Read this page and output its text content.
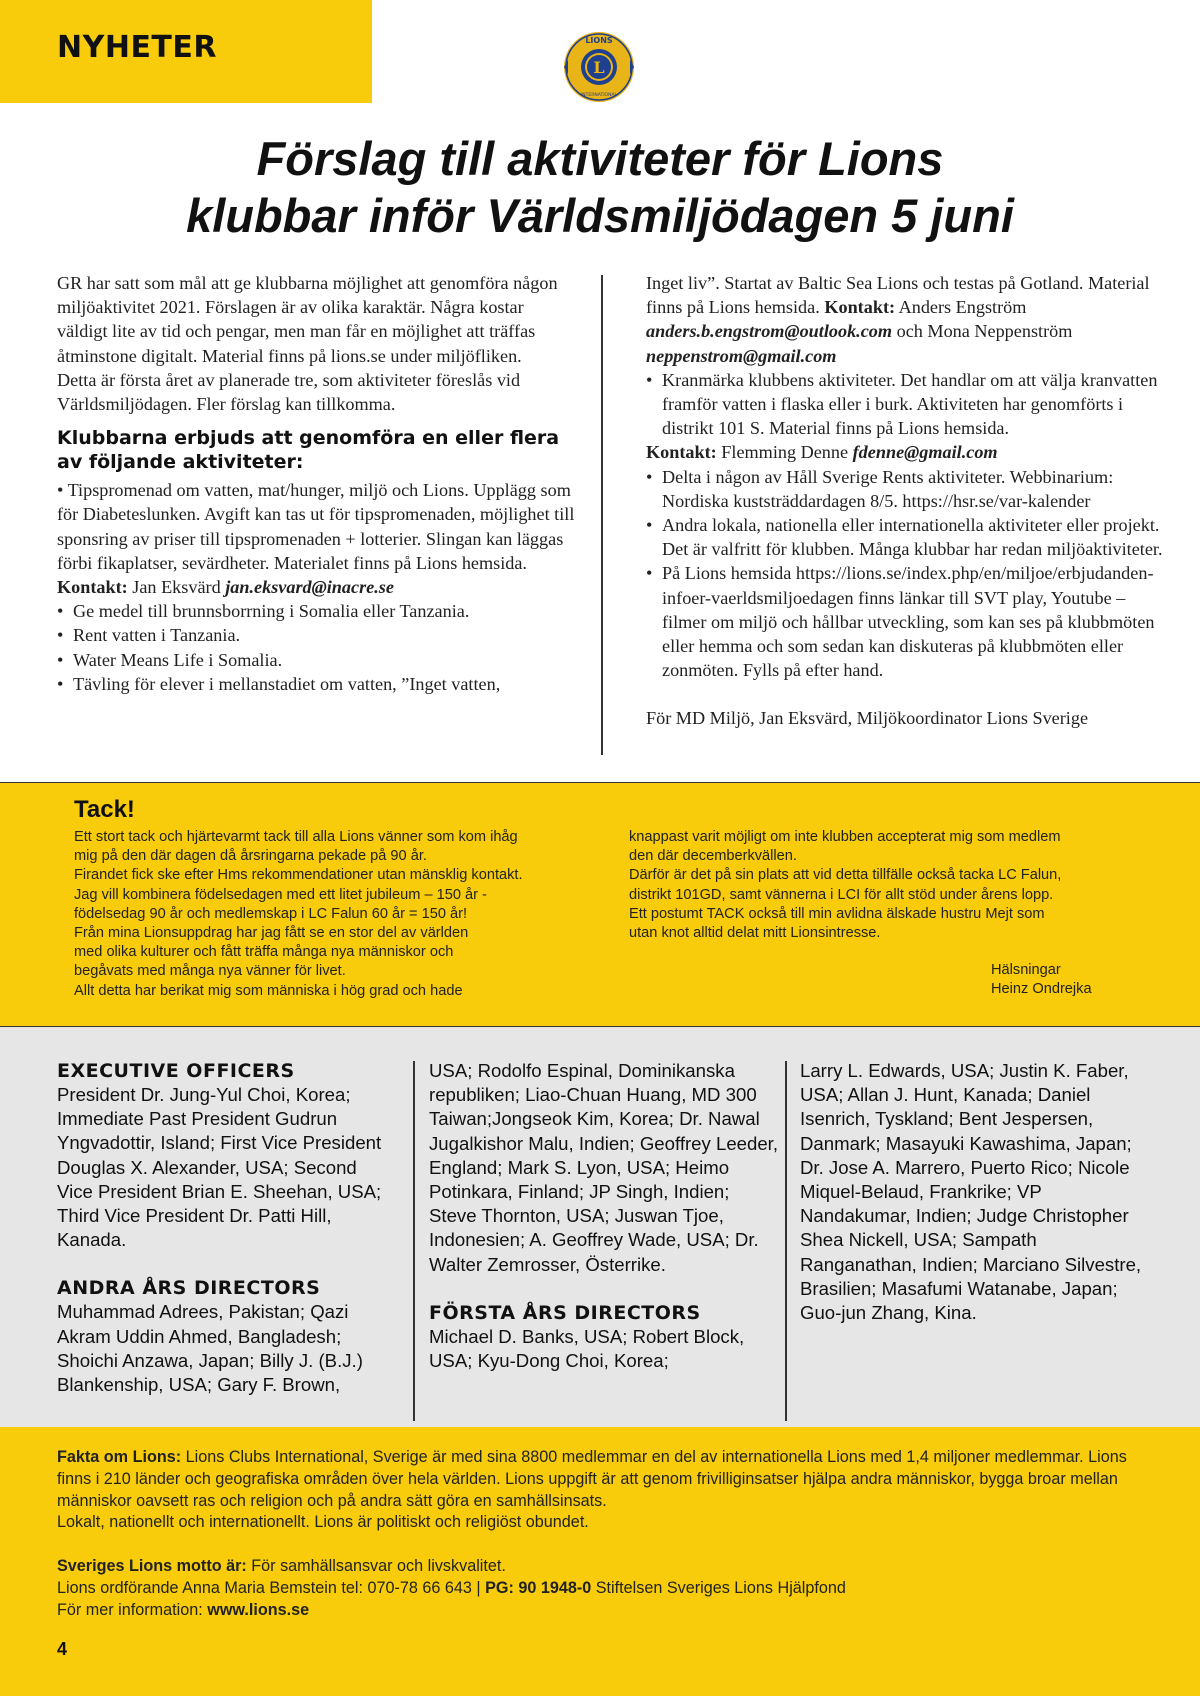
NYHETER
L
LIONS
INTERNATIONAL
Förslag till aktiviteter för Lions
klubbar inför Världsmiljödagen 5 juni

GR har satt som mål att ge klubbarna möjlighet att genomföra någon miljöaktivitet 2021. Förslagen är av olika karaktär. Några kostar väldigt lite av tid och pengar, men man får en möjlighet att träffas åtminstone digitalt. Material finns på lions.se under miljöfliken.

Detta är första året av planerade tre, som aktiviteter föreslås vid Världsmiljödagen. Fler förslag kan tillkomma.

Klubbarna erbjuds att genomföra en eller flera av följande aktiviteter:

• Tipspromenad om vatten, mat/hunger, miljö och Lions. Upplägg som för Diabeteslunken. Avgift kan tas ut för tipspromenaden, möjlighet till sponsring av priser till tipspromenaden + lotterier. Slingan kan läggas förbi fikaplatser, sevärdheter. Materialet finns på Lions hemsida.

Kontakt: Jan Eksvärd jan.eksvard@inacre.se

• Ge medel till brunnsborrning i Somalia eller Tanzania.
• Rent vatten i Tanzania.
• Water Means Life i Somalia.
• Tävling för elever i mellanstadiet om vatten, ”Inget vatten,

Inget liv”. Startat av Baltic Sea Lions och testas på Gotland. Material finns på Lions hemsida. Kontakt: Anders Engström anders.b.engstrom@outlook.com och Mona Neppenström neppenstrom@gmail.com

• Kranmärka klubbens aktiviteter. Det handlar om att välja kranvatten framför vatten i flaska eller i burk. Aktiviteten har genomförts i distrikt 101 S. Material finns på Lions hemsida.
Kontakt: Flemming Denne fdenne@gmail.com
• Delta i någon av Håll Sverige Rents aktiviteter. Webbinarium: Nordiska kuststräddardagen 8/5. https://hsr.se/var-kalender
• Andra lokala, nationella eller internationella aktiviteter eller projekt. Det är valfritt för klubben. Många klubbar har redan miljöaktiviteter.
• På Lions hemsida https://lions.se/index.php/en/miljoe/erbjudanden-infoer-vaerldsmiljoedagen finns länkar till SVT play, Youtube – filmer om miljö och hållbar utveckling, som kan ses på klubbmöten eller hemma och som sedan kan diskuteras på klubbmöten eller zonmöten. Fylls på efter hand.

För MD Miljö, Jan Eksvärd, Miljökoordinator Lions Sverige

Tack!
Ett stort tack och hjärtevarmt tack till alla Lions vänner som kom ihåg
mig på den där dagen då årsringarna pekade på 90 år.
Firandet fick ske efter Hms rekommendationer utan mänsklig kontakt.
Jag vill kombinera födelsedagen med ett litet jubileum – 150 år -
födelsedag 90 år och medlemskap i LC Falun 60 år = 150 år!
Från mina Lionsuppdrag har jag fått se en stor del av världen
med olika kulturer och fått träffa många nya människor och
begåvats med många nya vänner för livet.
Allt detta har berikat mig som människa i hög grad och hade
knappast varit möjligt om inte klubben accepterat mig som medlem
den där decemberkvällen.
Därför är det på sin plats att vid detta tillfälle också tacka LC Falun,
distrikt 101GD, samt vännerna i LCI för allt stöd under årens lopp.
Ett postumt TACK också till min avlidna älskade hustru Mejt som
utan knot alltid delat mitt Lionsintresse.
Hälsningar
Heinz Ondrejka
EXECUTIVE OFFICERS
President Dr. Jung-Yul Choi, Korea; Immediate Past President Gudrun Yngvadottir, Island; First Vice President Douglas X. Alexander, USA; Second Vice President Brian E. Sheehan, USA; Third Vice President Dr. Patti Hill, Kanada.
ANDRA ÅRS DIRECTORS
Muhammad Adrees, Pakistan; Qazi Akram Uddin Ahmed, Bangladesh; Shoichi Anzawa, Japan; Billy J. (B.J.) Blankenship, USA; Gary F. Brown,
USA; Rodolfo Espinal, Dominikanska republiken; Liao-Chuan Huang, MD 300 Taiwan;Jongseok Kim, Korea; Dr. Nawal Jugalkishor Malu, Indien; Geoffrey Leeder, England; Mark S. Lyon, USA; Heimo Potinkara, Finland; JP Singh, Indien; Steve Thornton, USA; Juswan Tjoe, Indonesien; A. Geoffrey Wade, USA; Dr. Walter Zemrosser, Österrike.
FÖRSTA ÅRS DIRECTORS
Michael D. Banks, USA; Robert Block, USA; Kyu-Dong Choi, Korea;
Larry L. Edwards, USA; Justin K. Faber, USA; Allan J. Hunt, Kanada; Daniel Isenrich, Tyskland; Bent Jespersen, Danmark; Masayuki Kawashima, Japan; Dr. Jose A. Marrero, Puerto Rico; Nicole Miquel-Belaud, Frankrike; VP Nandakumar, Indien; Judge Christopher Shea Nickell, USA; Sampath Ranganathan, Indien; Marciano Silvestre, Brasilien; Masafumi Watanabe, Japan; Guo-jun Zhang, Kina.
Fakta om Lions: Lions Clubs International, Sverige är med sina 8800 medlemmar en del av internationella Lions med 1,4 miljoner medlemmar. Lions finns i 210 länder och geografiska områden över hela världen. Lions uppgift är att genom frivilliginsatser hjälpa andra människor, bygga broar mellan människor oavsett ras och religion och på andra sätt göra en samhällsinsats.
Lokalt, nationellt och internationellt. Lions är politiskt och religiöst obundet.
Sveriges Lions motto är: För samhällsansvar och livskvalitet.
Lions ordförande Anna Maria Bemstein tel: 070-78 66 643 | PG: 90 1948-0 Stiftelsen Sveriges Lions Hjälpfond
För mer information: www.lions.se
4
